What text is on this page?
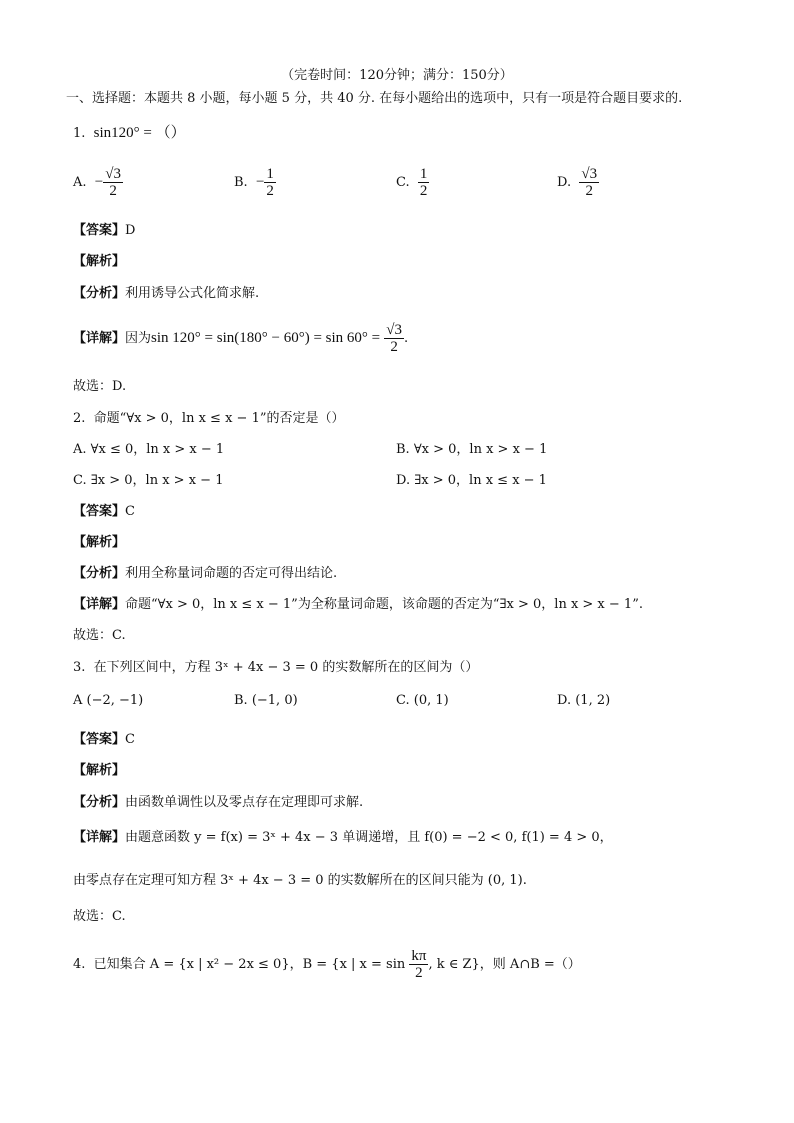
（完卷时间：120分钟；满分：150分）
一、选择题：本题共 8 小题，每小题 5 分，共 40 分. 在每小题给出的选项中，只有一项是符合题目要求的.
1. sin120° = （）
A. − $\frac{√3}{2}$	B. − $\frac{1}{2}$	C. $\frac{1}{2}$	D. $\frac{√3}{2}$
【答案】D
【解析】
【分析】利用诱导公式化简求解.
【详解】因为$\sin 120^\circ = \sin(180^\circ - 60^\circ) = \sin 60^\circ = \frac{√3}{2}$ .
故选：D.
2. 命题“∀x > 0，ln x ≤ x − 1”的否定是（）
A. ∀x ≤ 0，ln x > x − 1	B. ∀x > 0，ln x > x − 1
C. ∃x > 0，ln x > x − 1	D. ∃x > 0，ln x ≤ x − 1
【答案】C
【解析】
【分析】利用全称量词命题的否定可得出结论.
【详解】命题“∀x > 0，ln x ≤ x − 1”为全称量词命题，该命题的否定为“∃x > 0，ln x > x − 1”.
故选：C.
3. 在下列区间中，方程 3ˣ + 4x − 3 = 0 的实数解所在的区间为（）
A (−2, −1)	B. (−1, 0)	C. (0, 1)	D. (1, 2)
【答案】C
【解析】
【分析】由函数单调性以及零点存在定理即可求解.
【详解】由题意函数 y = f(x) = 3ˣ + 4x − 3 单调递增，且 f(0) = −2 < 0, f(1) = 4 > 0，
由零点存在定理可知方程 3ˣ + 4x − 3 = 0 的实数解所在的区间只能为 (0, 1).
故选：C.
4. 已知集合 A = {x | x² − 2x ≤ 0}，B = {x | $x = \sin \frac{k\pi}{2}$ , k ∈ Z}，则 A∩B =（）
